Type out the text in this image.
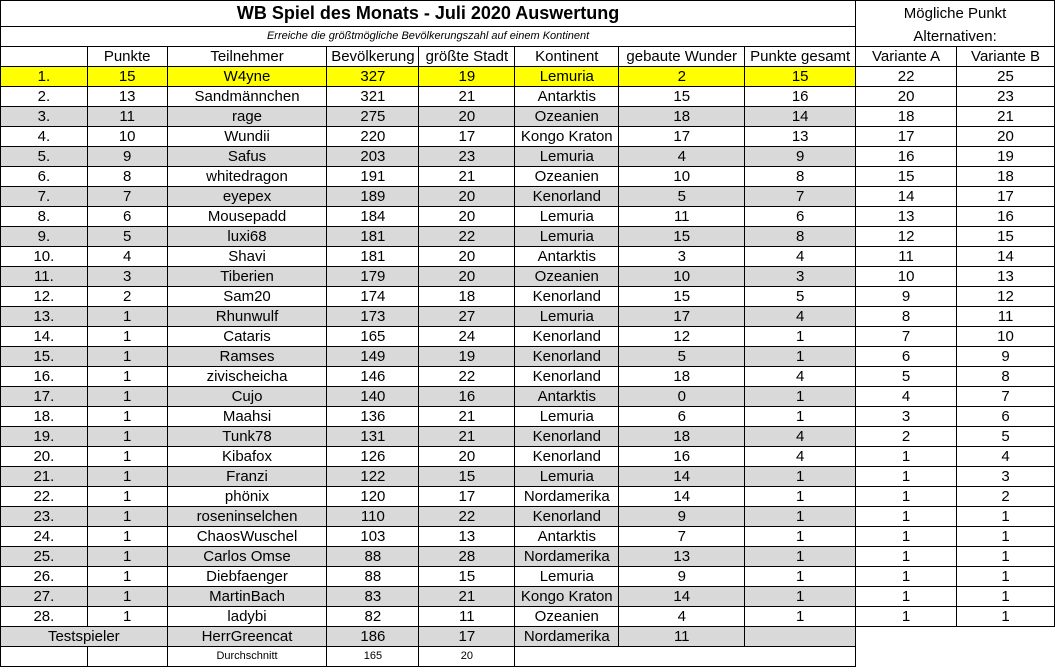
WB Spiel des Monats - Juli 2020 Auswertung								Mögliche Punkt	
Erreiche die größtmögliche Bevölkerungszahl auf einem Kontinent								Alternativen:	
	Punkte	Teilnehmer	Bevölkerung	größte Stadt	Kontinent	gebaute Wunder	Punkte gesamt	Variante A	Variante B
1.	15	W4yne	327	19	Lemuria	2	15	22	25
2.	13	Sandmännchen	321	21	Antarktis	15	16	20	23
3.	11	rage	275	20	Ozeanien	18	14	18	21
4.	10	Wundii	220	17	Kongo Kraton	17	13	17	20
5.	9	Safus	203	23	Lemuria	4	9	16	19
6.	8	whitedragon	191	21	Ozeanien	10	8	15	18
7.	7	eyepex	189	20	Kenorland	5	7	14	17
8.	6	Mousepadd	184	20	Lemuria	11	6	13	16
9.	5	luxi68	181	22	Lemuria	15	8	12	15
10.	4	Shavi	181	20	Antarktis	3	4	11	14
11.	3	Tiberien	179	20	Ozeanien	10	3	10	13
12.	2	Sam20	174	18	Kenorland	15	5	9	12
13.	1	Rhunwulf	173	27	Lemuria	17	4	8	11
14.	1	Cataris	165	24	Kenorland	12	1	7	10
15.	1	Ramses	149	19	Kenorland	5	1	6	9
16.	1	zivischeicha	146	22	Kenorland	18	4	5	8
17.	1	Cujo	140	16	Antarktis	0	1	4	7
18.	1	Maahsi	136	21	Lemuria	6	1	3	6
19.	1	Tunk78	131	21	Kenorland	18	4	2	5
20.	1	Kibafox	126	20	Kenorland	16	4	1	4
21.	1	Franzi	122	15	Lemuria	14	1	1	3
22.	1	phönix	120	17	Nordamerika	14	1	1	2
23.	1	roseninselchen	110	22	Kenorland	9	1	1	1
24.	1	ChaosWuschel	103	13	Antarktis	7	1	1	1
25.	1	Carlos Omse	88	28	Nordamerika	13	1	1	1
26.	1	Diebfaenger	88	15	Lemuria	9	1	1	1
27.	1	MartinBach	83	21	Kongo Kraton	14	1	1	1
28.	1	ladybi	82	11	Ozeanien	4	1	1	1
Testspieler		HerrGreencat	186	17	Nordamerika	11			
		Durchschnitt	165	20					
